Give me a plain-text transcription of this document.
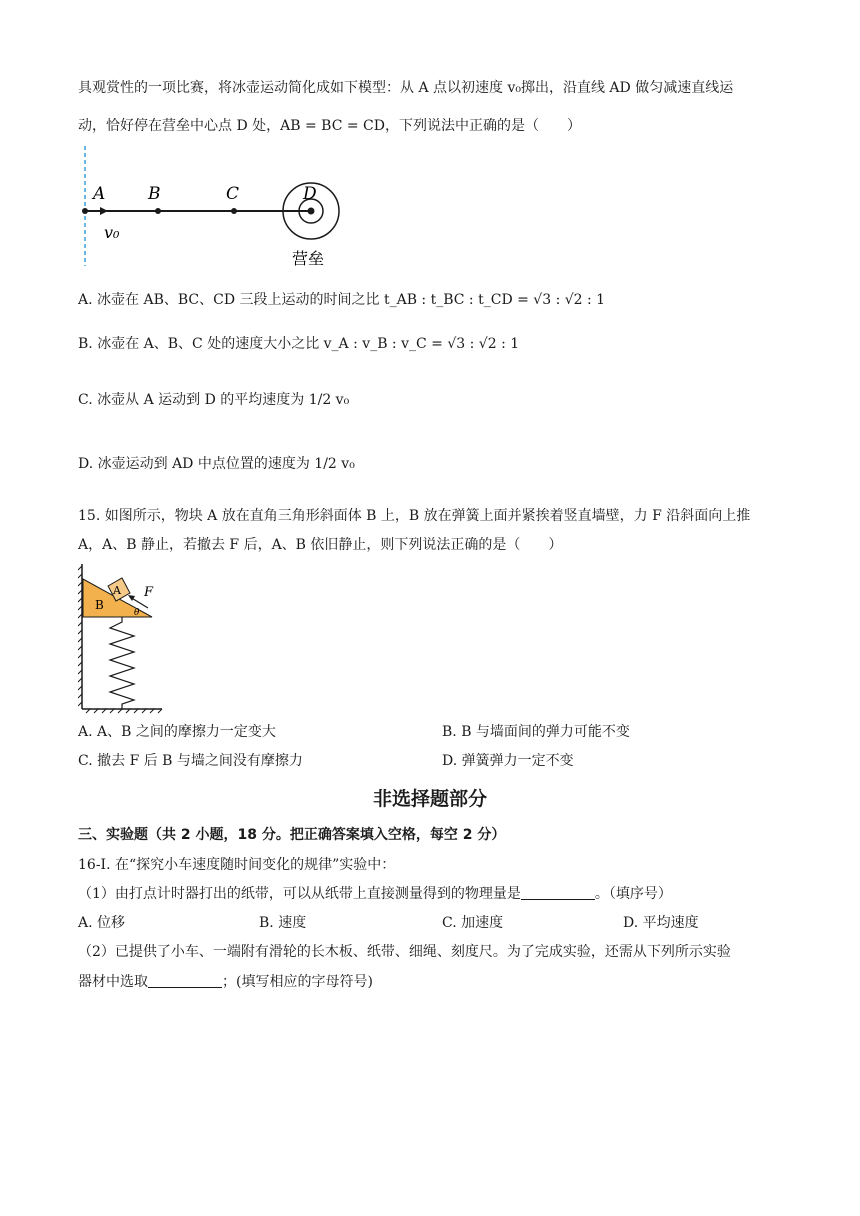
具观赏性的一项比赛，将冰壶运动简化成如下模型：从 A 点以初速度 v₀掷出，沿直线 AD 做匀减速直线运
动，恰好停在营垒中心点 D 处，AB = BC = CD，下列说法中正确的是（　　）
A	B	C	D
v₀
营垒
A. 冰壶在 AB、BC、CD 三段上运动的时间之比 t_AB : t_BC : t_CD = √3 : √2 : 1
B. 冰壶在 A、B、C 处的速度大小之比 v_A : v_B : v_C = √3 : √2 : 1
C. 冰壶从 A 运动到 D 的平均速度为 1/2 v₀
D. 冰壶运动到 AD 中点位置的速度为 1/2 v₀
15. 如图所示，物块 A 放在直角三角形斜面体 B 上，B 放在弹簧上面并紧挨着竖直墙壁，力 F 沿斜面向上推
A，A、B 静止，若撤去 F 后，A、B 依旧静止，则下列说法正确的是（　　）
A
B
θ
F
A. A、B 之间的摩擦力一定变大	B. B 与墙面间的弹力可能不变
C. 撤去 F 后 B 与墙之间没有摩擦力	D. 弹簧弹力一定不变
非选择题部分
三、实验题（共 2 小题，18 分。把正确答案填入空格，每空 2 分）
16-Ⅰ. 在“探究小车速度随时间变化的规律”实验中：
（1）由打点计时器打出的纸带，可以从纸带上直接测量得到的物理量是	。（填序号）
A. 位移	B. 速度	C. 加速度	D. 平均速度
（2）已提供了小车、一端附有滑轮的长木板、纸带、细绳、刻度尺。为了完成实验，还需从下列所示实验
器材中选取	；(填写相应的字母符号)
